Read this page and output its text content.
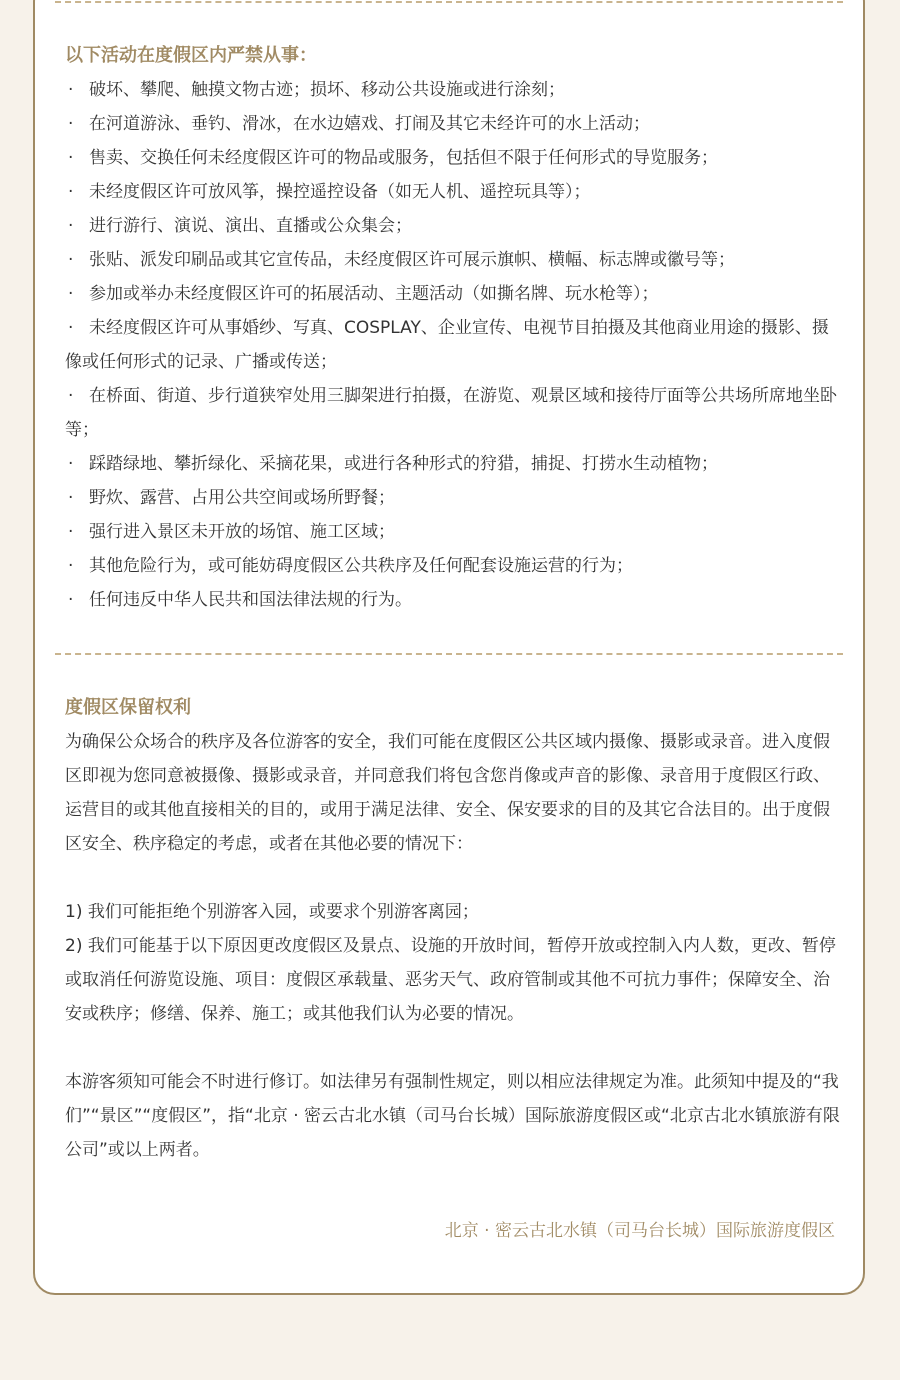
以下活动在度假区内严禁从事：
· 破坏、攀爬、触摸文物古迹；损坏、移动公共设施或进行涂刻；
· 在河道游泳、垂钓、滑冰，在水边嬉戏、打闹及其它未经许可的水上活动；
· 售卖、交换任何未经度假区许可的物品或服务，包括但不限于任何形式的导览服务；
· 未经度假区许可放风筝，操控遥控设备（如无人机、遥控玩具等）；
· 进行游行、演说、演出、直播或公众集会；
· 张贴、派发印刷品或其它宣传品，未经度假区许可展示旗帜、横幅、标志牌或徽号等；
· 参加或举办未经度假区许可的拓展活动、主题活动（如撕名牌、玩水枪等）；
· 未经度假区许可从事婚纱、写真、COSPLAY、企业宣传、电视节目拍摄及其他商业用途的摄影、摄像或任何形式的记录、广播或传送；
· 在桥面、街道、步行道狭窄处用三脚架进行拍摄，在游览、观景区域和接待厅面等公共场所席地坐卧等；
· 踩踏绿地、攀折绿化、采摘花果，或进行各种形式的狩猎，捕捉、打捞水生动植物；
· 野炊、露营、占用公共空间或场所野餐；
· 强行进入景区未开放的场馆、施工区域；
· 其他危险行为，或可能妨碍度假区公共秩序及任何配套设施运营的行为；
· 任何违反中华人民共和国法律法规的行为。
度假区保留权利

为确保公众场合的秩序及各位游客的安全，我们可能在度假区公共区域内摄像、摄影或录音。进入度假区即视为您同意被摄像、摄影或录音，并同意我们将包含您肖像或声音的影像、录音用于度假区行政、运营目的或其他直接相关的目的，或用于满足法律、安全、保安要求的目的及其它合法目的。出于度假区安全、秩序稳定的考虑，或者在其他必要的情况下：

1) 我们可能拒绝个别游客入园，或要求个别游客离园；

2) 我们可能基于以下原因更改度假区及景点、设施的开放时间，暂停开放或控制入内人数，更改、暂停或取消任何游览设施、项目：度假区承载量、恶劣天气、政府管制或其他不可抗力事件；保障安全、治安或秩序；修缮、保养、施工；或其他我们认为必要的情况。

本游客须知可能会不时进行修订。如法律另有强制性规定，则以相应法律规定为准。此须知中提及的“我们”“景区”“度假区”，指“北京 · 密云古北水镇（司马台长城）国际旅游度假区或“北京古北水镇旅游有限公司”或以上两者。

北京 · 密云古北水镇（司马台长城）国际旅游度假区
